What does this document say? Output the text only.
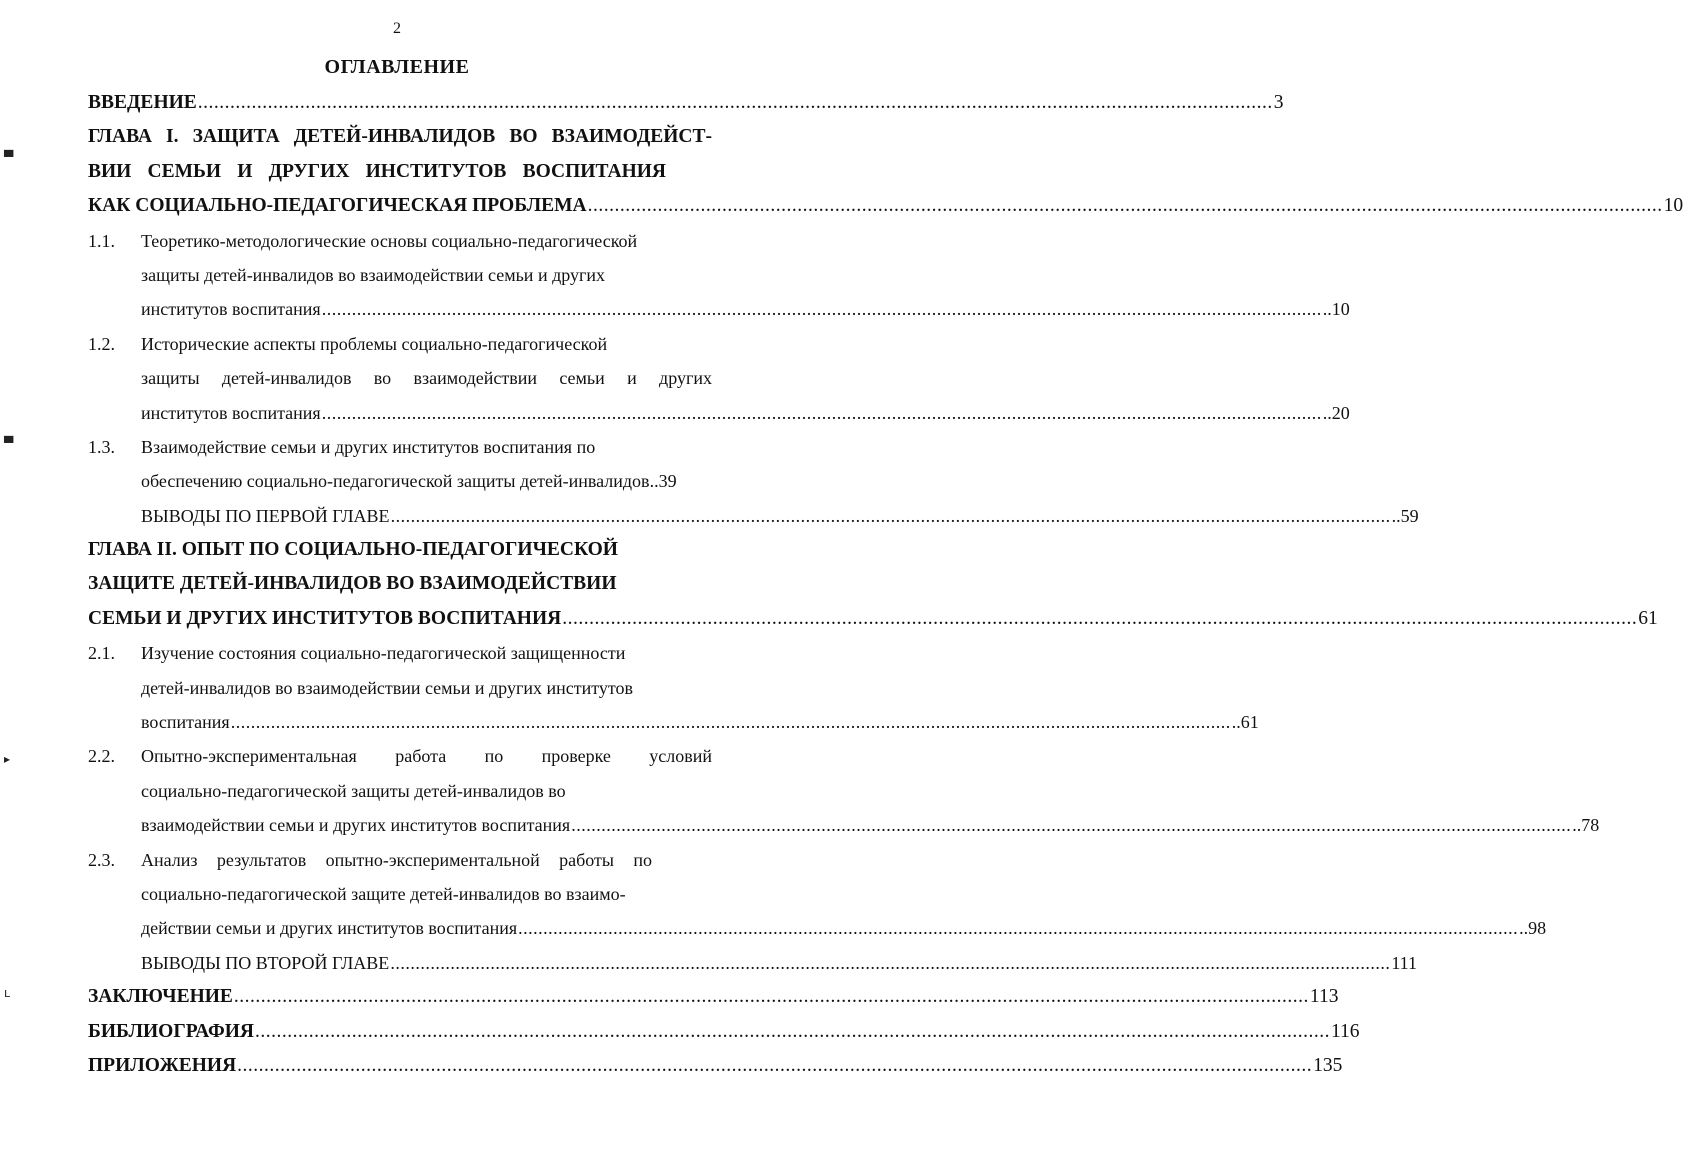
2
ОГЛАВЛЕНИЕ
▀
▀
▸
ʟ
ВВЕДЕНИЕ ........................................................................................................................................................................................................ 3
ГЛАВА I. ЗАЩИТА ДЕТЕЙ-ИНВАЛИДОВ ВО ВЗАИМОДЕЙСТ-
ВИИ СЕМЬИ И ДРУГИХ ИНСТИТУТОВ ВОСПИТАНИЯ
КАК СОЦИАЛЬНО-ПЕДАГОГИЧЕСКАЯ ПРОБЛЕМА ........................................................................................................................................................................................................ 10
1.1. Теоретико-методологические основы социально-педагогической
защиты детей-инвалидов во взаимодействии семьи и других
институтов воспитания ........................................................................................................................................................................................................ ..10
1.2. Исторические аспекты проблемы социально-педагогической
защиты детей-инвалидов во взаимодействии семьи и других
институтов воспитания ........................................................................................................................................................................................................ ..20
1.3. Взаимодействие семьи и других институтов воспитания по
обеспечению социально-педагогической защиты детей-инвалидов ..39
ВЫВОДЫ ПО ПЕРВОЙ ГЛАВЕ ........................................................................................................................................................................................................ ..59
ГЛАВА II. ОПЫТ ПО СОЦИАЛЬНО-ПЕДАГОГИЧЕСКОЙ
ЗАЩИТЕ ДЕТЕЙ-ИНВАЛИДОВ ВО ВЗАИМОДЕЙСТВИИ
СЕМЬИ И ДРУГИХ ИНСТИТУТОВ ВОСПИТАНИЯ ........................................................................................................................................................................................................ 61
2.1. Изучение состояния социально-педагогической защищенности
детей-инвалидов во взаимодействии семьи и других институтов
воспитания ........................................................................................................................................................................................................ ..61
2.2. Опытно-экспериментальная работа по проверке условий
социально-педагогической защиты детей-инвалидов во
взаимодействии семьи и других институтов воспитания ........................................................................................................................................................................................................ ..78
2.3. Анализ результатов опытно-экспериментальной работы по
социально-педагогической защите детей-инвалидов во взаимо-
действии семьи и других институтов воспитания ........................................................................................................................................................................................................ ..98
ВЫВОДЫ ПО ВТОРОЙ ГЛАВЕ ........................................................................................................................................................................................................ 111
ЗАКЛЮЧЕНИЕ ........................................................................................................................................................................................................ 113
БИБЛИОГРАФИЯ ........................................................................................................................................................................................................ 116
ПРИЛОЖЕНИЯ ........................................................................................................................................................................................................ 135
